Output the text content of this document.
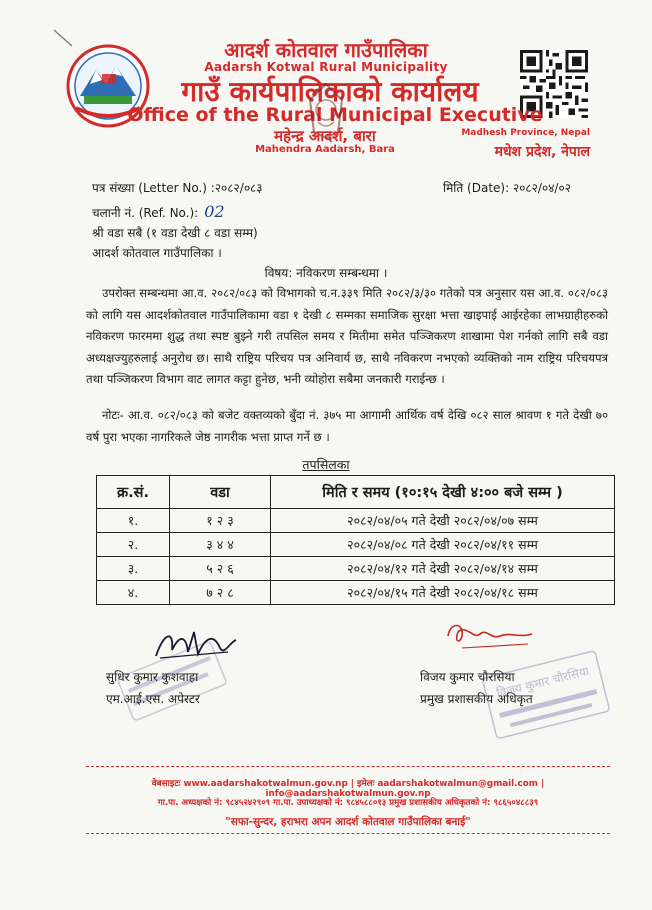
आदर्श कोतवाल गाउँपालिका
Aadarsh Kotwal Rural Municipality
गाउँ कार्यपालिकाको कार्यालय
Office of the Rural Municipal Executive
महेन्द्र आदर्श, बारा
Mahendra Aadarsh, Bara
Madhesh Province, Nepal
मधेश प्रदेश, नेपाल
पत्र संख्या (Letter No.) :२०८२/०८३	मिति (Date): २०८२/०४/०२
चलानी नं. (Ref. No.): 02
श्री वडा सबै (१ वडा देखी ८ वडा सम्म)
आदर्श कोतवाल गाउँपालिका ।
विषय: नविकरण सम्बन्धमा ।
उपरोक्त सम्बन्धमा आ.व. २०८२/०८३ को विभागको च.न.३३९ मिति २०८२/३/३० गतेको पत्र अनुसार यस आ.व. ०८२/०८३ को लागि यस आदर्शकोतवाल गाउँपालिकामा वडा १ देखी ८ सम्मका समाजिक सुरक्षा भत्ता खाइपाई आईरहेका लाभग्राहीहरुको नविकरण फारममा शुद्ध तथा स्पष्ट बुझ्ने गरी तपसिल समय र मितीमा समेत पञ्जिकरण शाखामा पेश गर्नको लागि सबै वडा अध्यक्षज्युहरुलाई अनुरोध छ। साथै राष्ट्रिय परिचय पत्र अनिवार्य छ, साथै नविकरण नभएको व्यक्तिको नाम राष्ट्रिय परिचयपत्र तथा पञ्जिकरण विभाग वाट लागत कट्टा हुनेछ, भनी व्योहोरा सबैमा जनकारी गराईन्छ ।
नोटः- आ.व. ०८२/०८३ को बजेट वक्तव्यको बुँदा नं. ३७५ मा आगामी आर्थिक वर्ष देखि ०८२ साल श्रावण १ गते देखी ७० वर्ष पुरा भएका नागरिकले जेष्ठ नागरीक भत्ता प्राप्त गर्ने छ ।
तपसिलका
क्र.सं.	वडा	मिति र समय (१०:१५ देखी ४:०० बजे सम्म )
१.	१ २ ३	२०८२/०४/०५ गते देखी २०८२/०४/०७ सम्म
२.	३ ४ ४	२०८२/०४/०८ गते देखी २०८२/०४/११ सम्म
३.	५ २ ६	२०८२/०४/१२ गते देखी २०८२/०४/१४ सम्म
४.	७ २ ८	२०८२/०४/१५ गते देखी २०८२/०४/१८ सम्म
सुधिर कुमार कुशवाहा
एम.आई.एस. अपेरटर	विजय कुमार चौरसिया
विजय कुमार चौरसिया
प्रमुख प्रशासकीय अधिकृत
वेबसाइटः www.aadarshakotwalmun.gov.np | इमेलः aadarshakotwalmun@gmail.com | info@aadarshakotwalmun.gov.np
गा.पा. अध्यक्षको नं: ९८४५२४२९०९ गा.पा. उपाध्यक्षको नं: ९८४५८८०१३ प्रमुख प्रशासकीय अधिकृतको नं: ९८६५०४८८३९
"सफा-सुन्दर, हराभरा अपन आदर्श कोतवाल गाउँपालिका बनाई"
